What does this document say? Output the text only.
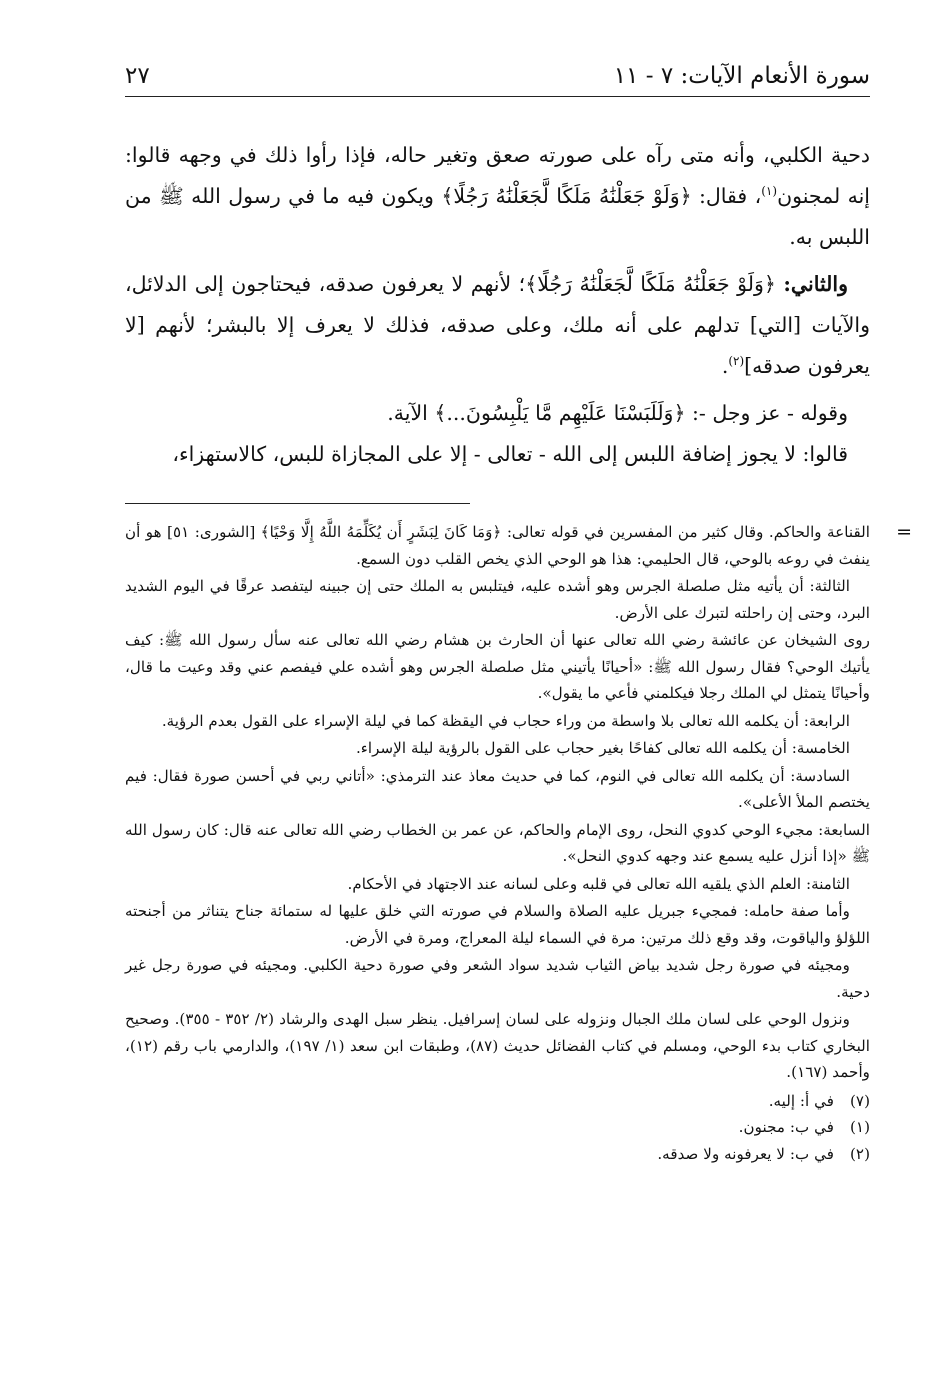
سورة الأنعام الآيات: ٧ - ١١
٢٧

دحية الكلبي، وأنه متى رآه على صورته صعق وتغير حاله، فإذا رأوا ذلك في وجهه قالوا: إنه لمجنون$^{(١)}$، فقال: ﴿وَلَوْ جَعَلْنَٰهُ مَلَكًا لَّجَعَلْنَٰهُ رَجُلًا﴾ ويكون فيه ما في رسول الله ﷺ من اللبس به.

والثاني: ﴿وَلَوْ جَعَلْنَٰهُ مَلَكًا لَّجَعَلْنَٰهُ رَجُلًا﴾؛ لأنهم لا يعرفون صدقه، فيحتاجون إلى الدلائل، والآيات [التي] تدلهم على أنه ملك، وعلى صدقه، فذلك لا يعرف إلا بالبشر؛ لأنهم [لا يعرفون صدقه]$^{(٢)}$.

وقوله - عز وجل -: ﴿وَلَلَبَسْنَا عَلَيْهِم مَّا يَلْبِسُونَ...﴾ الآية.

قالوا: لا يجوز إضافة اللبس إلى الله - تعالى - إلا على المجازاة للبس، كالاستهزاء،

=

القناعة والحاكم. وقال كثير من المفسرين في قوله تعالى: ﴿وَمَا كَانَ لِبَشَرٍ أَن يُكَلِّمَهُ اللَّهُ إِلَّا وَحْيًا﴾ [الشورى: ٥١] هو أن ينفث في روعه بالوحي، قال الحليمي: هذا هو الوحي الذي يخص القلب دون السمع.

الثالثة: أن يأتيه مثل صلصلة الجرس وهو أشده عليه، فيتلبس به الملك حتى إن جبينه ليتفصد عرقًا في اليوم الشديد البرد، وحتى إن راحلته لتبرك على الأرض.

روى الشيخان عن عائشة رضي الله تعالى عنها أن الحارث بن هشام رضي الله تعالى عنه سأل رسول الله ﷺ: كيف يأتيك الوحي؟ فقال رسول الله ﷺ: «أحيانًا يأتيني مثل صلصلة الجرس وهو أشده علي فيفصم عني وقد وعيت ما قال، وأحيانًا يتمثل لي الملك رجلا فيكلمني فأعي ما يقول».

الرابعة: أن يكلمه الله تعالى بلا واسطة من وراء حجاب في اليقظة كما في ليلة الإسراء على القول بعدم الرؤية.

الخامسة: أن يكلمه الله تعالى كفاحًا بغير حجاب على القول بالرؤية ليلة الإسراء.

السادسة: أن يكلمه الله تعالى في النوم، كما في حديث معاذ عند الترمذي: «أتاني ربي في أحسن صورة فقال: فيم يختصم الملأ الأعلى».

السابعة: مجيء الوحي كدوي النحل، روى الإمام والحاكم، عن عمر بن الخطاب رضي الله تعالى عنه قال: كان رسول الله ﷺ «إذا أنزل عليه يسمع عند وجهه كدوي النحل».

الثامنة: العلم الذي يلقيه الله تعالى في قلبه وعلى لسانه عند الاجتهاد في الأحكام.

وأما صفة حامله: فمجيء جبريل عليه الصلاة والسلام في صورته التي خلق عليها له ستمائة جناح يتناثر من أجنحته اللؤلؤ والياقوت، وقد وقع ذلك مرتين: مرة في السماء ليلة المعراج، ومرة في الأرض.

ومجيئه في صورة رجل شديد بياض الثياب شديد سواد الشعر وفي صورة دحية الكلبي. ومجيئه في صورة رجل غير دحية.

ونزول الوحي على لسان ملك الجبال ونزوله على لسان إسرافيل. ينظر سبل الهدى والرشاد (٢/ ٣٥٢ - ٣٥٥). وصحيح البخاري كتاب بدء الوحي، ومسلم في كتاب الفضائل حديث (٨٧)، وطبقات ابن سعد (١/ ١٩٧)، والدارمي باب رقم (١٢)، وأحمد (١٦٧).

(٧)في أ: إليه.

(١)في ب: مجنون.

(٢)في ب: لا يعرفونه ولا صدقه.
